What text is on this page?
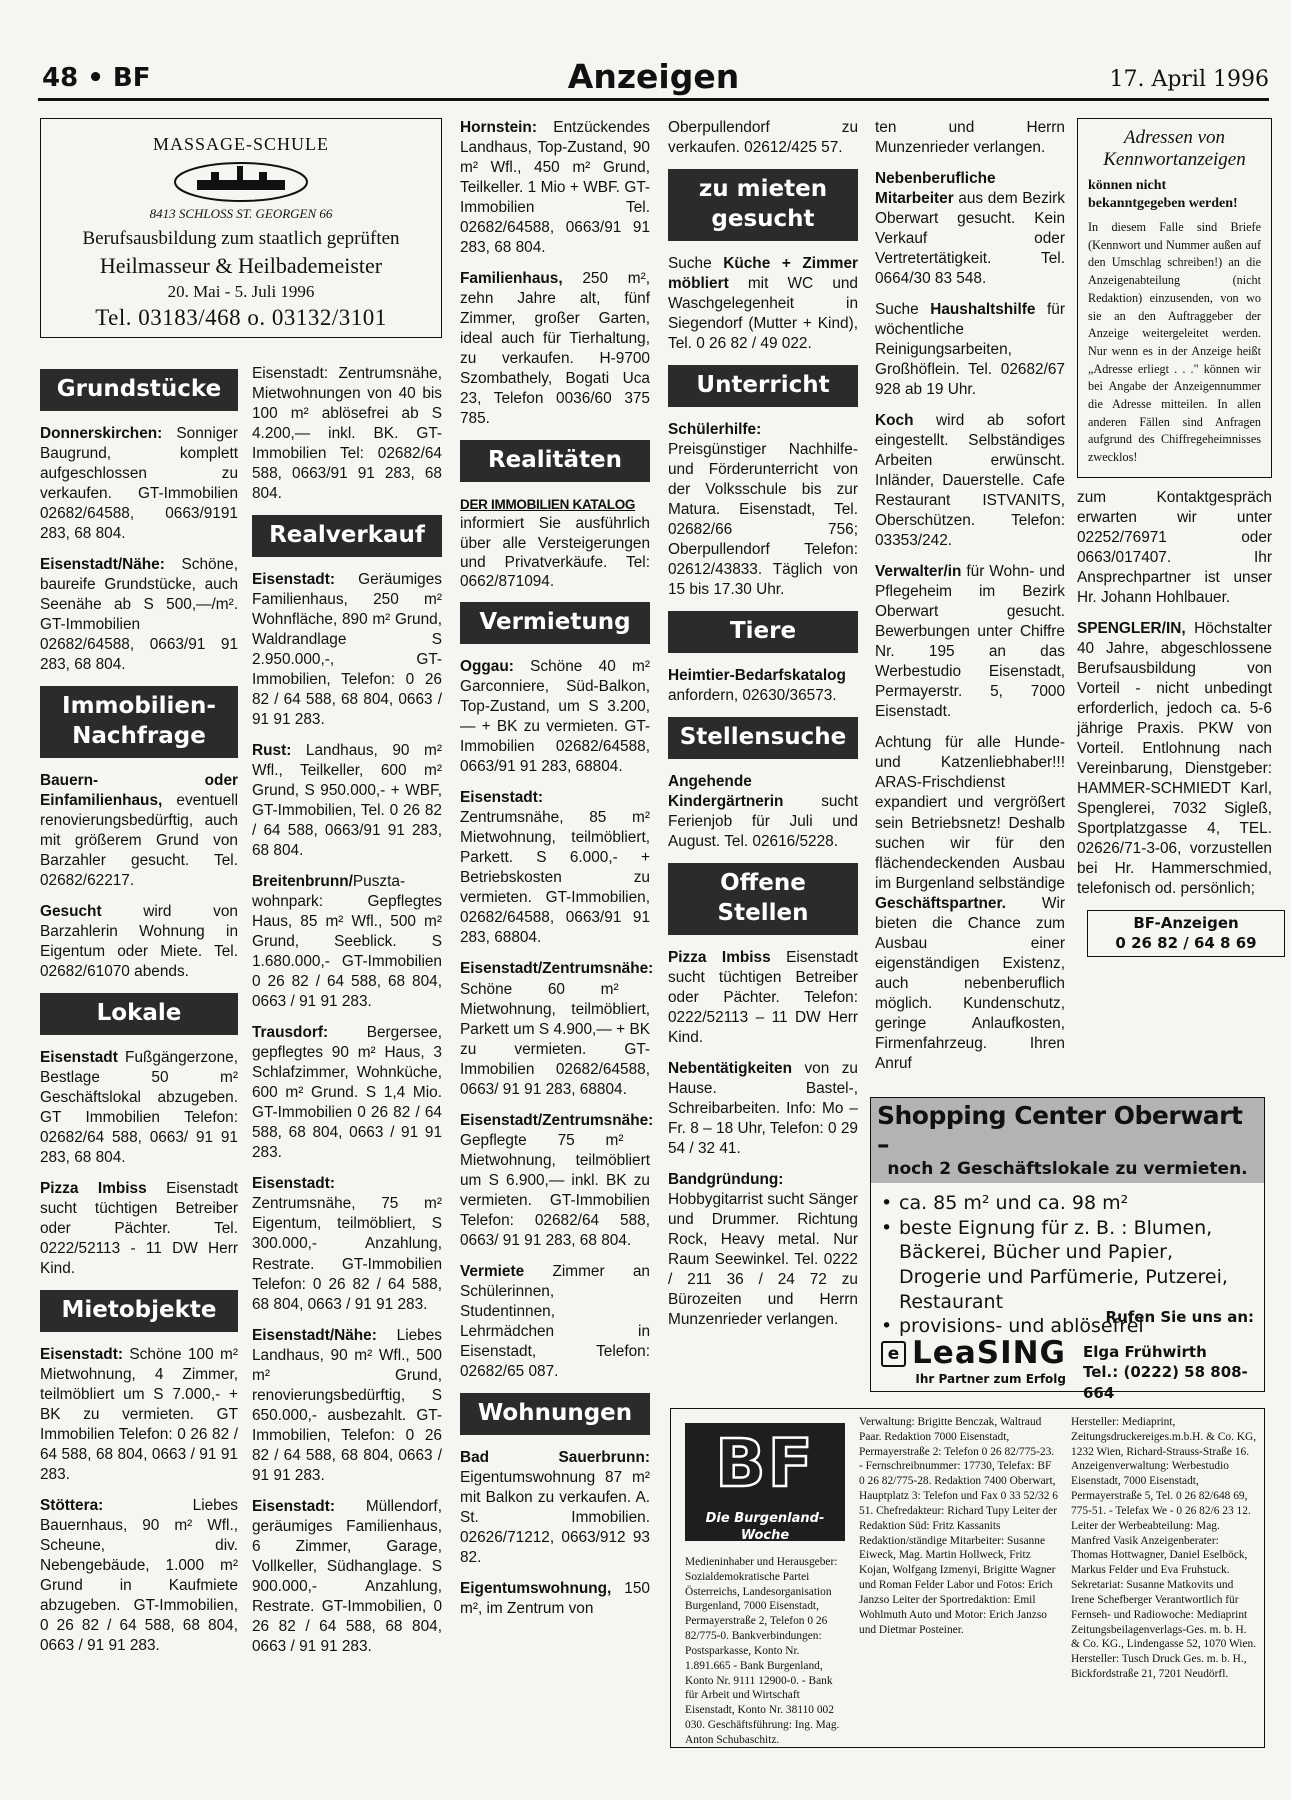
48 • BF	Anzeigen	17. April 1996
MASSAGE-SCHULE
8413 SCHLOSS ST. GEORGEN 66
Berufsausbildung zum staatlich geprüften
Heilmasseur & Heilbademeister
20. Mai - 5. Juli 1996
Tel. 03183/468 o. 03132/3101
Grundstücke

Donnerskirchen: Sonniger Baugrund, komplett aufgeschlossen zu verkaufen. GT-Immobilien 02682/64588, 0663/9191 283, 68 804.

Eisenstadt/Nähe: Schöne, baureife Grundstücke, auch Seenähe ab S 500,—/m². GT-Immobilien 02682/64588, 0663/91 91 283, 68 804.

Immobilien-Nachfrage

Bauern- oder Einfamilienhaus, eventuell renovierungsbedürftig, auch mit größerem Grund von Barzahler gesucht. Tel. 02682/62217.

Gesucht wird von Barzahlerin Wohnung in Eigentum oder Miete. Tel. 02682/61070 abends.

Lokale

Eisenstadt Fußgängerzone, Bestlage 50 m² Geschäftslokal abzugeben. GT Immobilien Telefon: 02682/64 588, 0663/ 91 91 283, 68 804.

Pizza Imbiss Eisenstadt sucht tüchtigen Betreiber oder Pächter. Tel. 0222/52113 - 11 DW Herr Kind.

Mietobjekte

Eisenstadt: Schöne 100 m² Mietwohnung, 4 Zimmer, teilmöbliert um S 7.000,- + BK zu vermieten. GT Immobilien Telefon: 0 26 82 / 64 588, 68 804, 0663 / 91 91 283.

Stöttera: Liebes Bauernhaus, 90 m² Wfl., Scheune, div. Nebengebäude, 1.000 m² Grund in Kaufmiete abzugeben. GT-Immobilien, 0 26 82 / 64 588, 68 804, 0663 / 91 91 283.

Eisenstadt: Zentrumsnähe, Mietwohnungen von 40 bis 100 m² ablösefrei ab S 4.200,— inkl. BK. GT-Immobilien Tel: 02682/64 588, 0663/91 91 283, 68 804.

Realverkauf

Eisenstadt: Geräumiges Familienhaus, 250 m² Wohnfläche, 890 m² Grund, Waldrandlage S 2.950.000,-, GT-Immobilien, Telefon: 0 26 82 / 64 588, 68 804, 0663 / 91 91 283.

Rust: Landhaus, 90 m² Wfl., Teilkeller, 600 m² Grund, S 950.000,- + WBF, GT-Immobilien, Tel. 0 26 82 / 64 588, 0663/91 91 283, 68 804.

Breitenbrunn/Puszta-wohnpark: Gepflegtes Haus, 85 m² Wfl., 500 m² Grund, Seeblick. S 1.680.000,- GT-Immobilien 0 26 82 / 64 588, 68 804, 0663 / 91 91 283.

Trausdorf: Bergersee, gepflegtes 90 m² Haus, 3 Schlafzimmer, Wohnküche, 600 m² Grund. S 1,4 Mio. GT-Immobilien 0 26 82 / 64 588, 68 804, 0663 / 91 91 283.

Eisenstadt: Zentrumsnähe, 75 m² Eigentum, teilmöbliert, S 300.000,- Anzahlung, Restrate. GT-Immobilien Telefon: 0 26 82 / 64 588, 68 804, 0663 / 91 91 283.

Eisenstadt/Nähe: Liebes Landhaus, 90 m² Wfl., 500 m² Grund, renovierungsbedürftig, S 650.000,- ausbezahlt. GT-Immobilien, Telefon: 0 26 82 / 64 588, 68 804, 0663 / 91 91 283.

Eisenstadt: Müllendorf, geräumiges Familienhaus, 6 Zimmer, Garage, Vollkeller, Südhanglage. S 900.000,- Anzahlung, Restrate. GT-Immobilien, 0 26 82 / 64 588, 68 804, 0663 / 91 91 283.

Hornstein: Entzückendes Landhaus, Top-Zustand, 90 m² Wfl., 450 m² Grund, Teilkeller. 1 Mio + WBF. GT-Immobilien Tel. 02682/64588, 0663/91 91 283, 68 804.

Familienhaus, 250 m², zehn Jahre alt, fünf Zimmer, großer Garten, ideal auch für Tierhaltung, zu verkaufen. H-9700 Szombathely, Bogati Uca 23, Telefon 0036/60 375 785.

Realitäten

DER IMMOBILIEN KATALOG
informiert Sie ausführlich über alle Versteigerungen und Privatverkäufe. Tel: 0662/871094.

Vermietung

Oggau: Schöne 40 m² Garconniere, Süd-Balkon, Top-Zustand, um S 3.200,— + BK zu vermieten. GT-Immobilien 02682/64588, 0663/91 91 283, 68804.

Eisenstadt: Zentrumsnähe, 85 m² Mietwohnung, teilmöbliert, Parkett. S 6.000,- + Betriebskosten zu vermieten. GT-Immobilien, 02682/64588, 0663/91 91 283, 68804.

Eisenstadt/Zentrumsnähe: Schöne 60 m² Mietwohnung, teilmöbliert, Parkett um S 4.900,— + BK zu vermieten. GT-Immobilien 02682/64588, 0663/ 91 91 283, 68804.

Eisenstadt/Zentrumsnähe: Gepflegte 75 m² Mietwohnung, teilmöbliert um S 6.900,— inkl. BK zu vermieten. GT-Immobilien Telefon: 02682/64 588, 0663/ 91 91 283, 68 804.

Vermiete Zimmer an Schülerinnen, Studentinnen, Lehrmädchen in Eisenstadt, Telefon: 02682/65 087.

Wohnungen

Bad Sauerbrunn: Eigentumswohnung 87 m² mit Balkon zu verkaufen. A. St. Immobilien. 02626/71212, 0663/912 93 82.

Eigentumswohnung, 150 m², im Zentrum von

Oberpullendorf zu verkaufen. 02612/425 57.

zu mieten gesucht

Suche Küche + Zimmer möbliert mit WC und Waschgelegenheit in Siegendorf (Mutter + Kind), Tel. 0 26 82 / 49 022.

Unterricht

Schülerhilfe: Preisgünstiger Nachhilfe- und Förderunterricht von der Volksschule bis zur Matura. Eisenstadt, Tel. 02682/66 756; Oberpullendorf Telefon: 02612/43833. Täglich von 15 bis 17.30 Uhr.

Tiere

Heimtier-Bedarfskatalog anfordern, 02630/36573.

Stellensuche

Angehende Kindergärtnerin sucht Ferienjob für Juli und August. Tel. 02616/5228.

Offene Stellen

Pizza Imbiss Eisenstadt sucht tüchtigen Betreiber oder Pächter. Telefon: 0222/52113 – 11 DW Herr Kind.

Nebentätigkeiten von zu Hause. Bastel-, Schreibarbeiten. Info: Mo – Fr. 8 – 18 Uhr, Telefon: 0 29 54 / 32 41.

Bandgründung: Hobbygitarrist sucht Sänger und Drummer. Richtung Rock, Heavy metal. Nur Raum Seewinkel. Tel. 0222 / 211 36 / 24 72 zu Bürozeiten und Herrn Munzenrieder verlangen.

ten und Herrn Munzenrieder verlangen.

Nebenberufliche Mitarbeiter aus dem Bezirk Oberwart gesucht. Kein Verkauf oder Vertretertätigkeit. Tel. 0664/30 83 548.

Suche Haushaltshilfe für wöchentliche Reinigungsarbeiten, Großhöflein. Tel. 02682/67 928 ab 19 Uhr.

Koch wird ab sofort eingestellt. Selbständiges Arbeiten erwünscht. Inländer, Dauerstelle. Cafe Restaurant ISTVANITS, Oberschützen. Telefon: 03353/242.

Verwalter/in für Wohn- und Pflegeheim im Bezirk Oberwart gesucht. Bewerbungen unter Chiffre Nr. 195 an das Werbestudio Eisenstadt, Permayerstr. 5, 7000 Eisenstadt.

Achtung für alle Hunde- und Katzenliebhaber!!! ARAS-Frischdienst expandiert und vergrößert sein Betriebsnetz! Deshalb suchen wir für den flächendeckenden Ausbau im Burgenland selbständige Geschäftspartner. Wir bieten die Chance zum Ausbau einer eigenständigen Existenz, auch nebenberuflich möglich. Kundenschutz, geringe Anlaufkosten, Firmenfahrzeug. Ihren Anruf

Adressen von Kennwortanzeigen
können nicht bekanntgegeben werden!
In diesem Falle sind Briefe (Kennwort und Nummer außen auf den Umschlag schreiben!) an die Anzeigenabteilung (nicht Redaktion) einzusenden, von wo sie an den Auftraggeber der Anzeige weitergeleitet werden. Nur wenn es in der Anzeige heißt „Adresse erliegt . . ." können wir bei Angabe der Anzeigennummer die Adresse mitteilen. In allen anderen Fällen sind Anfragen aufgrund des Chiffregeheimnisses zwecklos!

zum Kontaktgespräch erwarten wir unter 02252/76971 oder 0663/017407. Ihr Ansprechpartner ist unser Hr. Johann Hohlbauer.

SPENGLER/IN, Höchstalter 40 Jahre, abgeschlossene Berufsausbildung von Vorteil - nicht unbedingt erforderlich, jedoch ca. 5-6 jährige Praxis. PKW von Vorteil. Entlohnung nach Vereinbarung, Dienstgeber: HAMMER-SCHMIEDT Karl, Spenglerei, 7032 Sigleß, Sportplatzgasse 4, TEL. 02626/71-3-06, vorzustellen bei Hr. Hammerschmied, telefonisch od. persönlich;

BF-Anzeigen
0 26 82 / 64 8 69
Shopping Center Oberwart –
noch 2 Geschäftslokale zu vermieten.
• ca. 85 m² und ca. 98 m²
• beste Eignung für z. B. : Blumen, Bäckerei, Bücher und Papier, Drogerie und Parfümerie, Putzerei, Restaurant
• provisions- und ablösefrei
Rufen Sie uns an:
e LeaSING
Ihr Partner zum Erfolg
Elga Frühwirth
Tel.: (0222) 58 808-664
BF
Die Burgenland-Woche
Medieninhaber und Herausgeber: Sozialdemokratische Partei Österreichs, Landesorganisation Burgenland, 7000 Eisenstadt, Permayerstraße 2, Telefon 0 26 82/775-0. Bankverbindungen: Postsparkasse, Konto Nr. 1.891.665 - Bank Burgenland, Konto Nr. 9111 12900-0. - Bank für Arbeit und Wirtschaft Eisenstadt, Konto Nr. 38110 002 030. Geschäftsführung: Ing. Mag. Anton Schubaschitz.
Verwaltung: Brigitte Benczak, Waltraud Paar. Redaktion 7000 Eisenstadt, Permayerstraße 2: Telefon 0 26 82/775-23. - Fernschreibnummer: 17730, Telefax: BF 0 26 82/775-28. Redaktion 7400 Oberwart, Hauptplatz 3: Telefon und Fax 0 33 52/32 6 51. Chefredakteur: Richard Tupy Leiter der Redaktion Süd: Fritz Kassanits Redaktion/ständige Mitarbeiter: Susanne Eiweck, Mag. Martin Hollweck, Fritz Kojan, Wolfgang Izmenyi, Brigitte Wagner und Roman Felder Labor und Fotos: Erich Janzso Leiter der Sportredaktion: Emil Wohlmuth Auto und Motor: Erich Janzso und Dietmar Posteiner.
Hersteller: Mediaprint, Zeitungsdruckereiges.m.b.H. & Co. KG, 1232 Wien, Richard-Strauss-Straße 16. Anzeigenverwaltung: Werbestudio Eisenstadt, 7000 Eisenstadt, Permayerstraße 5, Tel. 0 26 82/648 69, 775-51. - Telefax We - 0 26 82/6 23 12. Leiter der Werbeabteilung: Mag. Manfred Vasik Anzeigenberater: Thomas Hottwagner, Daniel Eselböck, Markus Felder und Eva Fruhstuck. Sekretariat: Susanne Matkovits und Irene Schefberger Verantwortlich für Fernseh- und Radiowoche: Mediaprint Zeitungsbeilagenverlags-Ges. m. b. H. & Co. KG., Lindengasse 52, 1070 Wien. Hersteller: Tusch Druck Ges. m. b. H., Bickfordstraße 21, 7201 Neudörfl.
